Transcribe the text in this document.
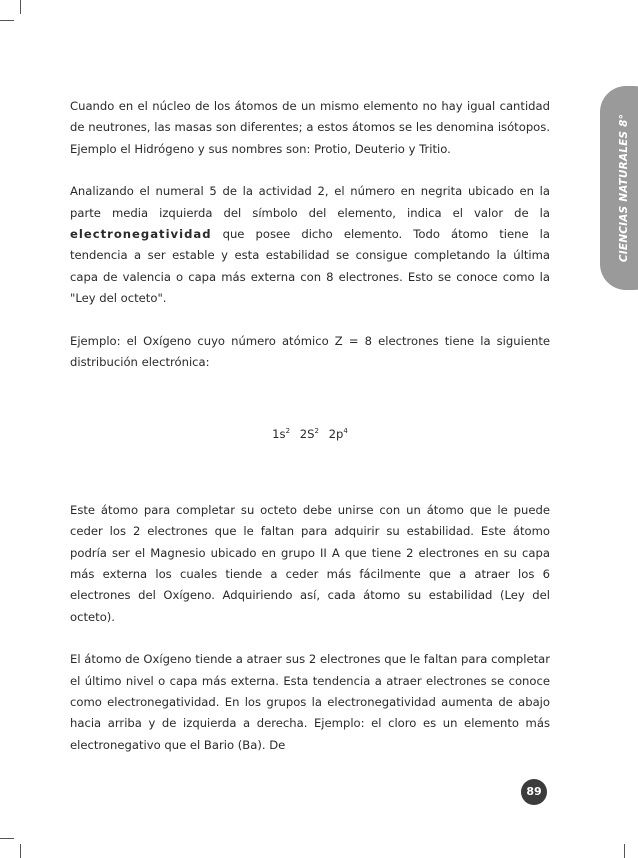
CIENCIAS NATURALES 8°

Cuando en el núcleo de los átomos de un mismo elemento no hay igual cantidad de neutrones, las masas son diferentes; a estos átomos se les denomina isótopos. Ejemplo el Hidrógeno y sus nombres son: Protio, Deuterio y Tritio.

Analizando el numeral 5 de la actividad 2, el número en negrita ubicado en la parte media izquierda del símbolo del elemento, indica el valor de la electronegatividad que posee dicho elemento. Todo átomo tiene la tendencia a ser estable y esta estabilidad se consigue completando la última capa de valencia o capa más externa con 8 electrones. Esto se conoce como la "Ley del octeto".

Ejemplo: el Oxígeno cuyo número atómico Z = 8 electrones tiene la siguiente distribución electrónica:

$1s^2$ $2S^2$ $2p^4$

Este átomo para completar su octeto debe unirse con un átomo que le puede ceder los 2 electrones que le faltan para adquirir su estabilidad. Este átomo podría ser el Magnesio ubicado en grupo II A que tiene 2 electrones en su capa más externa los cuales tiende a ceder más fácilmente que a atraer los 6 electrones del Oxígeno. Adquiriendo así, cada átomo su estabilidad (Ley del octeto).

El átomo de Oxígeno tiende a atraer sus 2 electrones que le faltan para completar el último nivel o capa más externa. Esta tendencia a atraer electrones se conoce como electronegatividad. En los grupos la electronegatividad aumenta de abajo hacia arriba y de izquierda a derecha. Ejemplo: el cloro es un elemento más electronegativo que el Bario (Ba). De

89
